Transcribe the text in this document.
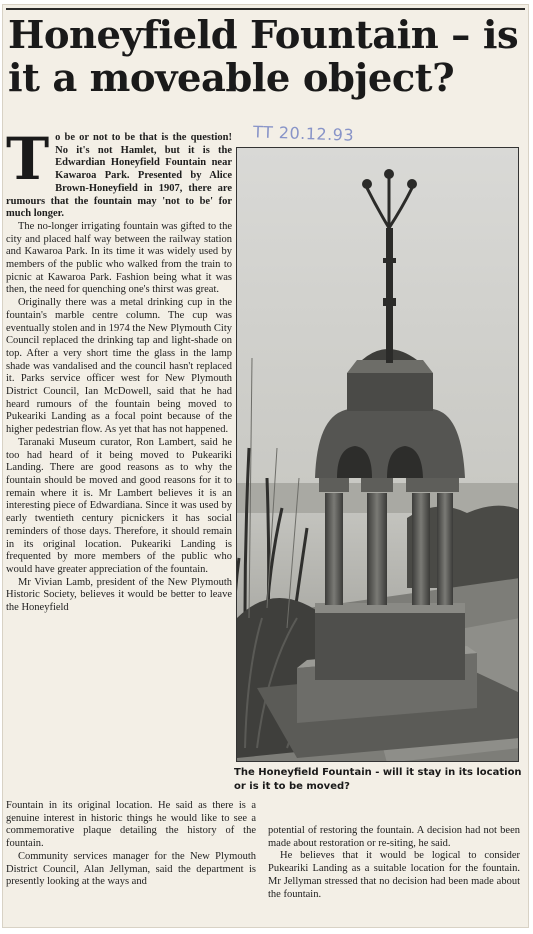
Honeyfield Fountain – is it a moveable object?
TT 20.12.93
T o be or not to be that is the question! No it's not Hamlet, but it is the Edwardian Honeyfield Fountain near Kawaroa Park. Presented by Alice Brown-Honeyfield in 1907, there are rumours that the fountain may 'not to be' for much longer.

The no-longer irrigating fountain was gifted to the city and placed half way between the railway station and Kawaroa Park. In its time it was widely used by members of the public who walked from the train to picnic at Kawaroa Park. Fashion being what it was then, the need for quenching one's thirst was great.

Originally there was a metal drinking cup in the fountain's marble centre column. The cup was eventually stolen and in 1974 the New Plymouth City Council replaced the drinking tap and light-shade on top. After a very short time the glass in the lamp shade was vandalised and the council hasn't replaced it. Parks service officer west for New Plymouth District Council, Ian McDowell, said that he had heard rumours of the fountain being moved to Pukeariki Landing as a focal point because of the higher pedestrian flow. As yet that has not happened.

Taranaki Museum curator, Ron Lambert, said he too had heard of it being moved to Pukeariki Landing. There are good reasons as to why the fountain should be moved and good reasons for it to remain where it is. Mr Lambert believes it is an interesting piece of Edwardiana. Since it was used by early twentieth century picnickers it has social reminders of those days. Therefore, it should remain in its original location. Pukeariki Landing is frequented by more members of the public who would have greater appreciation of the fountain.

Mr Vivian Lamb, president of the New Plymouth Historic Society, believes it would be better to leave the Honeyfield

The Honeyfield Fountain - will it stay in its location or is it to be moved?

Fountain in its original location. He said as there is a genuine interest in historic things he would like to see a commemorative plaque detailing the history of the fountain.

Community services manager for the New Plymouth District Council, Alan Jellyman, said the department is presently looking at the ways and

potential of restoring the fountain. A decision had not been made about restoration or re-siting, he said.

He believes that it would be logical to consider Pukeariki Landing as a suitable location for the fountain. Mr Jellyman stressed that no decision had been made about the fountain.
